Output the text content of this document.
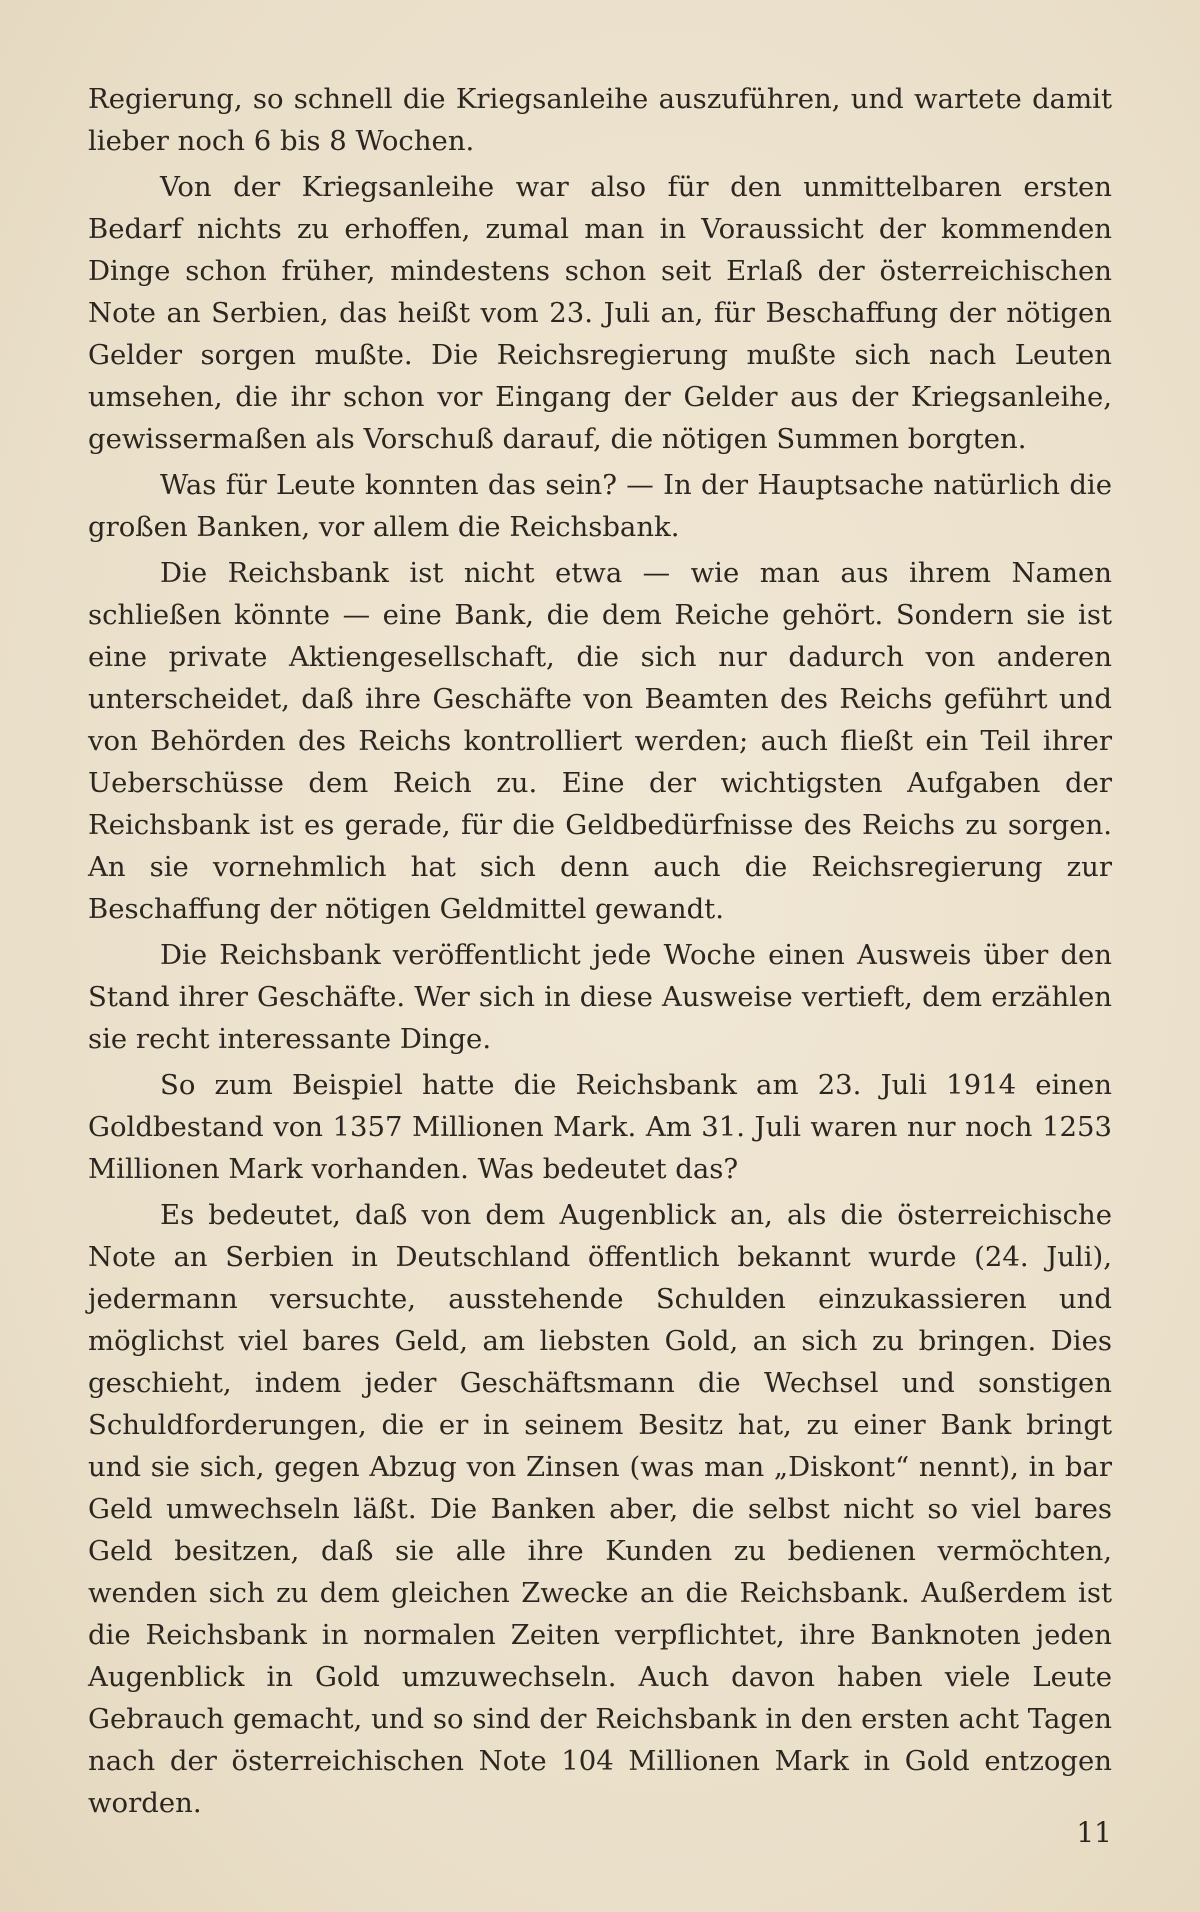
Regierung, so schnell die Kriegsanleihe auszuführen, und wartete damit lieber noch 6 bis 8 Wochen.

Von der Kriegsanleihe war also für den unmittelbaren ersten Bedarf nichts zu erhoffen, zumal man in Voraussicht der kommenden Dinge schon früher, mindestens schon seit Erlaß der österreichischen Note an Serbien, das heißt vom 23. Juli an, für Beschaffung der nötigen Gelder sorgen mußte. Die Reichsregierung mußte sich nach Leuten umsehen, die ihr schon vor Eingang der Gelder aus der Kriegsanleihe, gewissermaßen als Vorschuß darauf, die nötigen Summen borgten.

Was für Leute konnten das sein? — In der Hauptsache natürlich die großen Banken, vor allem die Reichsbank.

Die Reichsbank ist nicht etwa — wie man aus ihrem Namen schließen könnte — eine Bank, die dem Reiche gehört. Sondern sie ist eine private Aktiengesellschaft, die sich nur dadurch von anderen unterscheidet, daß ihre Geschäfte von Beamten des Reichs geführt und von Behörden des Reichs kontrolliert werden; auch fließt ein Teil ihrer Ueberschüsse dem Reich zu. Eine der wichtigsten Aufgaben der Reichsbank ist es gerade, für die Geldbedürfnisse des Reichs zu sorgen. An sie vornehmlich hat sich denn auch die Reichsregierung zur Beschaffung der nötigen Geldmittel gewandt.

Die Reichsbank veröffentlicht jede Woche einen Ausweis über den Stand ihrer Geschäfte. Wer sich in diese Ausweise vertieft, dem erzählen sie recht interessante Dinge.

So zum Beispiel hatte die Reichsbank am 23. Juli 1914 einen Goldbestand von 1357 Millionen Mark. Am 31. Juli waren nur noch 1253 Millionen Mark vorhanden. Was bedeutet das?

Es bedeutet, daß von dem Augenblick an, als die österreichische Note an Serbien in Deutschland öffentlich bekannt wurde (24. Juli), jedermann versuchte, ausstehende Schulden einzukassieren und möglichst viel bares Geld, am liebsten Gold, an sich zu bringen. Dies geschieht, indem jeder Geschäftsmann die Wechsel und sonstigen Schuldforderungen, die er in seinem Besitz hat, zu einer Bank bringt und sie sich, gegen Abzug von Zinsen (was man „Diskont“ nennt), in bar Geld umwechseln läßt. Die Banken aber, die selbst nicht so viel bares Geld besitzen, daß sie alle ihre Kunden zu bedienen vermöchten, wenden sich zu dem gleichen Zwecke an die Reichsbank. Außerdem ist die Reichsbank in normalen Zeiten verpflichtet, ihre Banknoten jeden Augenblick in Gold umzuwechseln. Auch davon haben viele Leute Gebrauch gemacht, und so sind der Reichsbank in den ersten acht Tagen nach der österreichischen Note 104 Millionen Mark in Gold entzogen worden.

11
